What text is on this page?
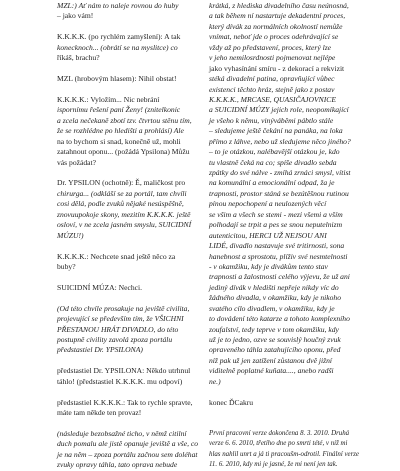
MZL:) Ať nám to naleje rovnou do huby
– jako vám!
K.K.K.K. (po rychlém zamyšlení): A tak
konecknoch... (obrátí se na myslitce) co
říkáš, brachu?
MZL (hrobovým hlasem): Nihil obstat!
K.K.K.K.: Vyložím... Nic nebrání
ispornímu řešení paní Ženy! (znitelkonic
a zcela nečekaně zbotí tzv. čtvrtou stěnu tím,
že se rozhlédne po hledišti a prohlásí) Ale
na to bychom si snad, konečně už, mohli
zatahnout oponu... (požádá Ypsilona) Můžu
vás požádat?
Dr. YPSILON (ochotně): Ě, maličkost pro
chirurga... (odkláší se za portál, tam chvíli
cosi dělá, podle zvuků nějaké nesúspěšně,
znovuupokoje skony, mezitím K.K.K.K. ještě
osloví, v ne zcela jasném smyslu, SUICIDNÍ
MÚZU!)
K.K.K.K.: Nechcete snad ještě něco za
buby?
SUICIDNÍ MÚZA: Nechci.
(Od této chvíle prosakuje na jeviště civilita,
projevující se především tím, že VŠICHNI
PŘESTANOU HRÁT DIVADLO, do této
postupně civility zavolá zpoza portálu
předstastiel Dr. YPSILONA)
předstastiel Dr. YPSILONA: Někdo utrhnul
táhlo! (předstastiel K.K.K.K. mu odpoví)
předstastiel K.K.K.K.: Tak to rychle spravte,
máte tam někde ten provaz!
(následuje bezobsažné ticho, v němž citilní
duch pomalu ale jistě opanuje jeviště a vše, co
je na něm – zpoza portálu začnou sem doléhat
zvuky opravy táhla, tato oprava nebude
krátká, z hlediska divadelního času neúnosná,
a tak během ní nastartuje dekadentní proces,
který dívák za normálních okolností nemůže
vnímat, neboť jde o proces odehrávající se
vždy až po představení, proces, který lze
v jeho nemilosrdnosti pojmenovat nejlépe
jako vyhasínání smíru - z dekorací a rekvizit
stéká divadelní patina, opravňující vůbec
existenci těchto hráz, stejně jako z postav
K.K.K.K., MRCASE, QUASIČAJOVNICE
a SUICIDNÍ MÚZY jejich role, neopomíkající
je všeho k němu, vinýváběmi pábtlo stále
– sledujeme ještě čekání na panáka, na loka
přímo z láhve, nebo už sledujeme něco jiného?
– to je otázkou, nalébavější otázkou je, kdo
tu vlastně čeká na co; spíše divadlo sebda
zpátky do své nálve - zmíhá zrnáci smysl, vítist
na komunální a emocionální odpad, ža je
trapnosti, prostor stáná se bezútěšnou rutinou
pínou nepochopení a neulozených věcí
se všim a všech se stemi - mezi všemi a vším
polhodají se trpit a pes se snou neputelnizm
autenticitou, HERCI UŽ NEJSOU ANI
LIDÉ, divadlo nastavuje své tritirnosti, sona
hanebnost a sprostotu, plíživ své nesmtelnosti
- v okamžiku, kdy je divákům tento stav
trapnosti a žalostnosti celého výjevu, že už ani
jediný dívák v hledišti nepřeje nikdy víc do
žádného divadla, v okamžiku, kdy je nikoho
svatého cílo divadlem, v okamžiku, kdy je
to dovádení této katarze a tohoto komplexního
zoufalství, tedy teprve v tom okamžiku, kdy
už je to jedno, ozve se souvislý houčný zvuk
opraveného táhla zatahujícího oponu, před
níž pak už jen zatížení zůstanou dvě jižní
viditelně poplatné kuňata...., anebo radši
ne.)
konec ĎCakru
První pracovní verze dokončena 8. 3. 2010. Druhá
verze 6. 6. 2010, třetího dne po smrti tété, v níž mi
hlas nahlil unrt a já ti pracoušm-odrotil. Finální verze
11. 6. 2010, kdy mi je jasné, že mi není jen tak.
